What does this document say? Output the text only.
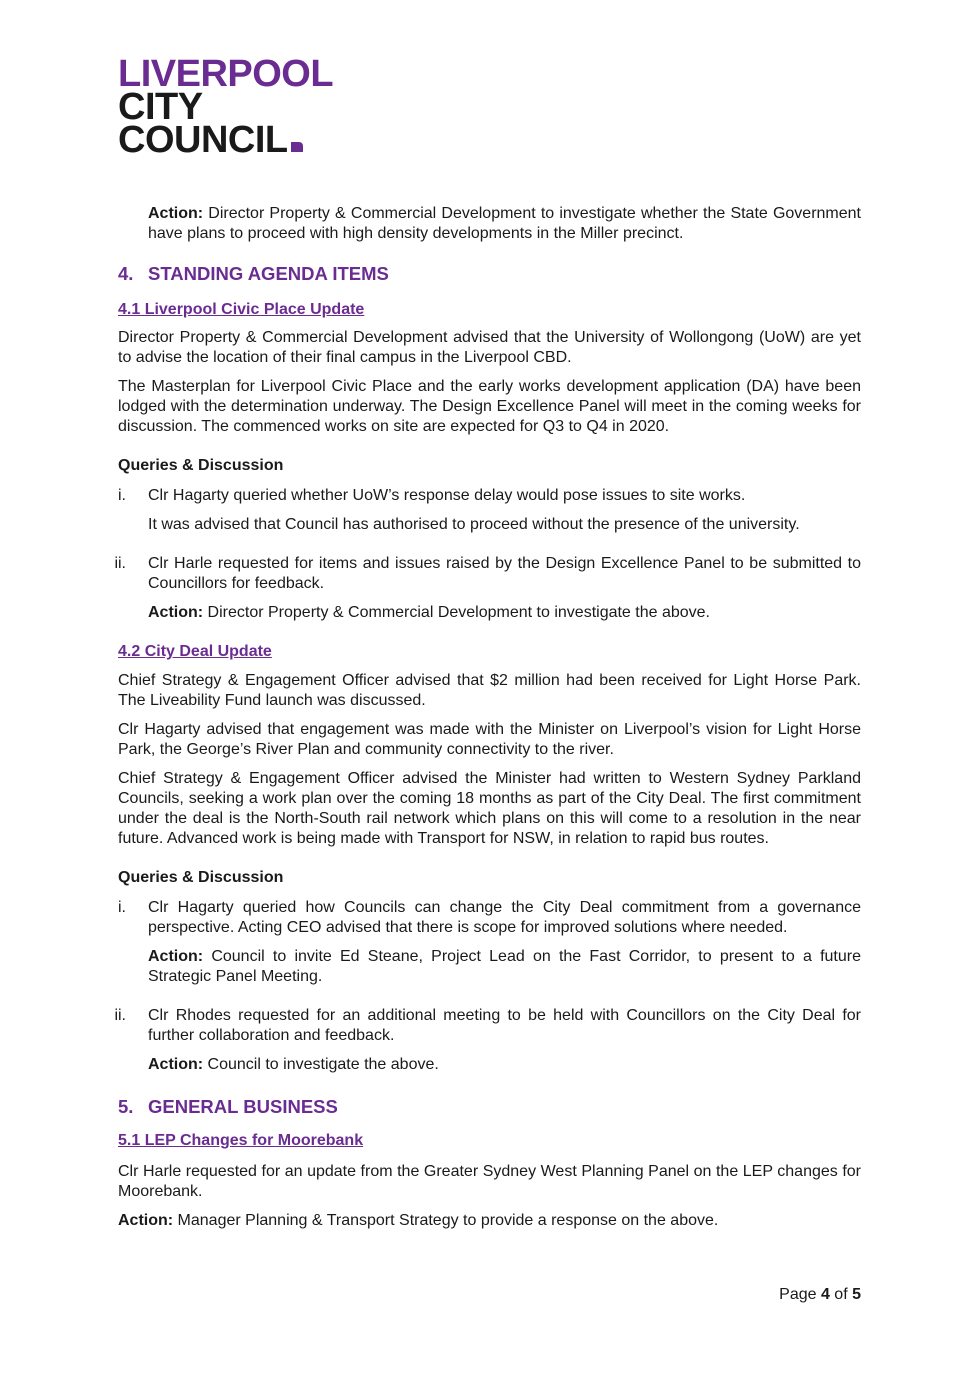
LIVERPOOL
CITY
COUNCIL

Action: Director Property & Commercial Development to investigate whether the State Government have plans to proceed with high density developments in the Miller precinct.

4. STANDING AGENDA ITEMS
4.1 Liverpool Civic Place Update

Director Property & Commercial Development advised that the University of Wollongong (UoW) are yet to advise the location of their final campus in the Liverpool CBD.

The Masterplan for Liverpool Civic Place and the early works development application (DA) have been lodged with the determination underway. The Design Excellence Panel will meet in the coming weeks for discussion. The commenced works on site are expected for Q3 to Q4 in 2020.

Queries & Discussion
i. Clr Hagarty queried whether UoW’s response delay would pose issues to site works.

It was advised that Council has authorised to proceed without the presence of the university.

ii. Clr Harle requested for items and issues raised by the Design Excellence Panel to be submitted to Councillors for feedback.

Action: Director Property & Commercial Development to investigate the above.

4.2 City Deal Update

Chief Strategy & Engagement Officer advised that $2 million had been received for Light Horse Park. The Liveability Fund launch was discussed.

Clr Hagarty advised that engagement was made with the Minister on Liverpool’s vision for Light Horse Park, the George’s River Plan and community connectivity to the river.

Chief Strategy & Engagement Officer advised the Minister had written to Western Sydney Parkland Councils, seeking a work plan over the coming 18 months as part of the City Deal. The first commitment under the deal is the North-South rail network which plans on this will come to a resolution in the near future. Advanced work is being made with Transport for NSW, in relation to rapid bus routes.

Queries & Discussion
i. Clr Hagarty queried how Councils can change the City Deal commitment from a governance perspective. Acting CEO advised that there is scope for improved solutions where needed.

Action: Council to invite Ed Steane, Project Lead on the Fast Corridor, to present to a future Strategic Panel Meeting.

ii. Clr Rhodes requested for an additional meeting to be held with Councillors on the City Deal for further collaboration and feedback.

Action: Council to investigate the above.

5. GENERAL BUSINESS
5.1 LEP Changes for Moorebank

Clr Harle requested for an update from the Greater Sydney West Planning Panel on the LEP changes for Moorebank.

Action: Manager Planning & Transport Strategy to provide a response on the above.

Page 4 of 5
